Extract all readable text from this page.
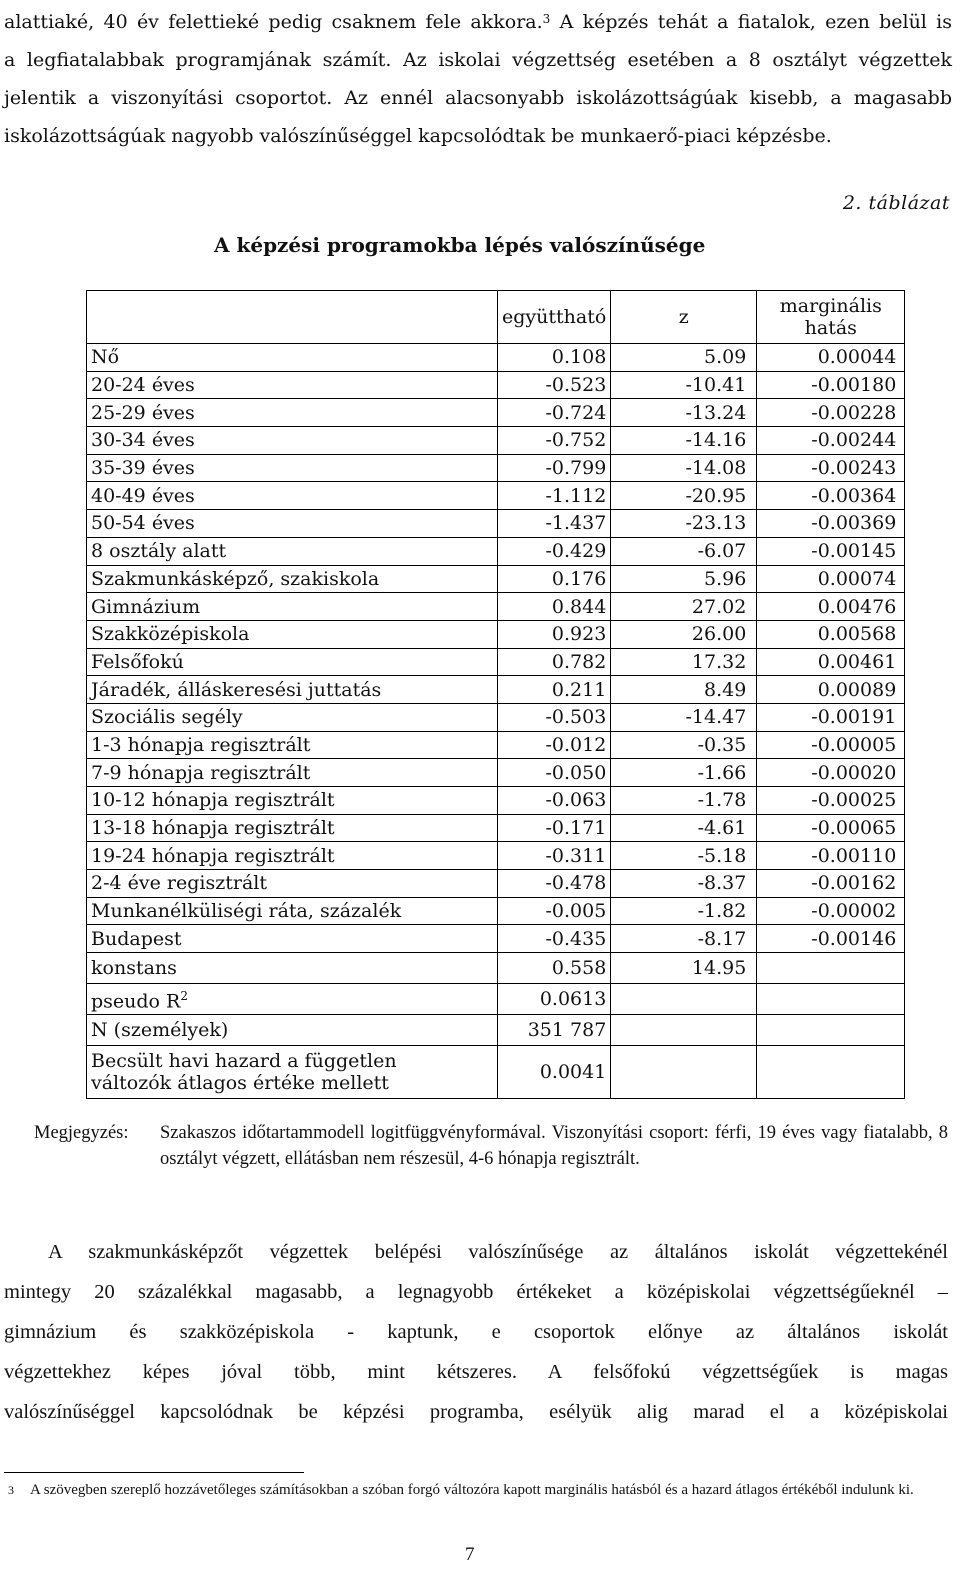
alattiaké, 40 év felettieké pedig csaknem fele akkora.$^3$ A képzés tehát a fiatalok, ezen belül is
a legfiatalabbak programjának számít. Az iskolai végzettség esetében a 8 osztályt végzettek
jelentik a viszonyítási csoportot. Az ennél alacsonyabb iskolázottságúak kisebb, a magasabb
iskolázottságúak nagyobb valószínűséggel kapcsolódtak be munkaerő-piaci képzésbe.
2. táblázat
A képzési programokba lépés valószínűsége
	együttható	z	marginális
hatás
Nő	0.108	5.09	0.00044
20-24 éves	-0.523	-10.41	-0.00180
25-29 éves	-0.724	-13.24	-0.00228
30-34 éves	-0.752	-14.16	-0.00244
35-39 éves	-0.799	-14.08	-0.00243
40-49 éves	-1.112	-20.95	-0.00364
50-54 éves	-1.437	-23.13	-0.00369
8 osztály alatt	-0.429	-6.07	-0.00145
Szakmunkásképző, szakiskola	0.176	5.96	0.00074
Gimnázium	0.844	27.02	0.00476
Szakközépiskola	0.923	26.00	0.00568
Felsőfokú	0.782	17.32	0.00461
Járadék, álláskeresési juttatás	0.211	8.49	0.00089
Szociális segély	-0.503	-14.47	-0.00191
1-3 hónapja regisztrált	-0.012	-0.35	-0.00005
7-9 hónapja regisztrált	-0.050	-1.66	-0.00020
10-12 hónapja regisztrált	-0.063	-1.78	-0.00025
13-18 hónapja regisztrált	-0.171	-4.61	-0.00065
19-24 hónapja regisztrált	-0.311	-5.18	-0.00110
2-4 éve regisztrált	-0.478	-8.37	-0.00162
Munkanélküliségi ráta, százalék	-0.005	-1.82	-0.00002
Budapest	-0.435	-8.17	-0.00146
konstans	0.558	14.95	
pseudo $R^2$	0.0613		
N (személyek)	351 787		
Becsült havi hazard a független
változók átlagos értéke mellett	0.0041		
Megjegyzés: Szakaszos időtartammodell logitfüggvényformával. Viszonyítási csoport: férfi, 19 éves vagy fiatalabb, 8 osztályt végzett, ellátásban nem részesül, 4-6 hónapja regisztrált.
A szakmunkásképzőt végzettek belépési valószínűsége az általános iskolát végzettekénél
mintegy 20 százalékkal magasabb, a legnagyobb értékeket a középiskolai végzettségűeknél –
gimnázium és szakközépiskola - kaptunk, e csoportok előnye az általános iskolát
végzettekhez képes jóval több, mint kétszeres. A felsőfokú végzettségűek is magas
valószínűséggel kapcsolódnak be képzési programba, esélyük alig marad el a középiskolai
3 A szövegben szereplő hozzávetőleges számításokban a szóban forgó változóra kapott marginális hatásból és a hazard átlagos értékéből indulunk ki.
7
